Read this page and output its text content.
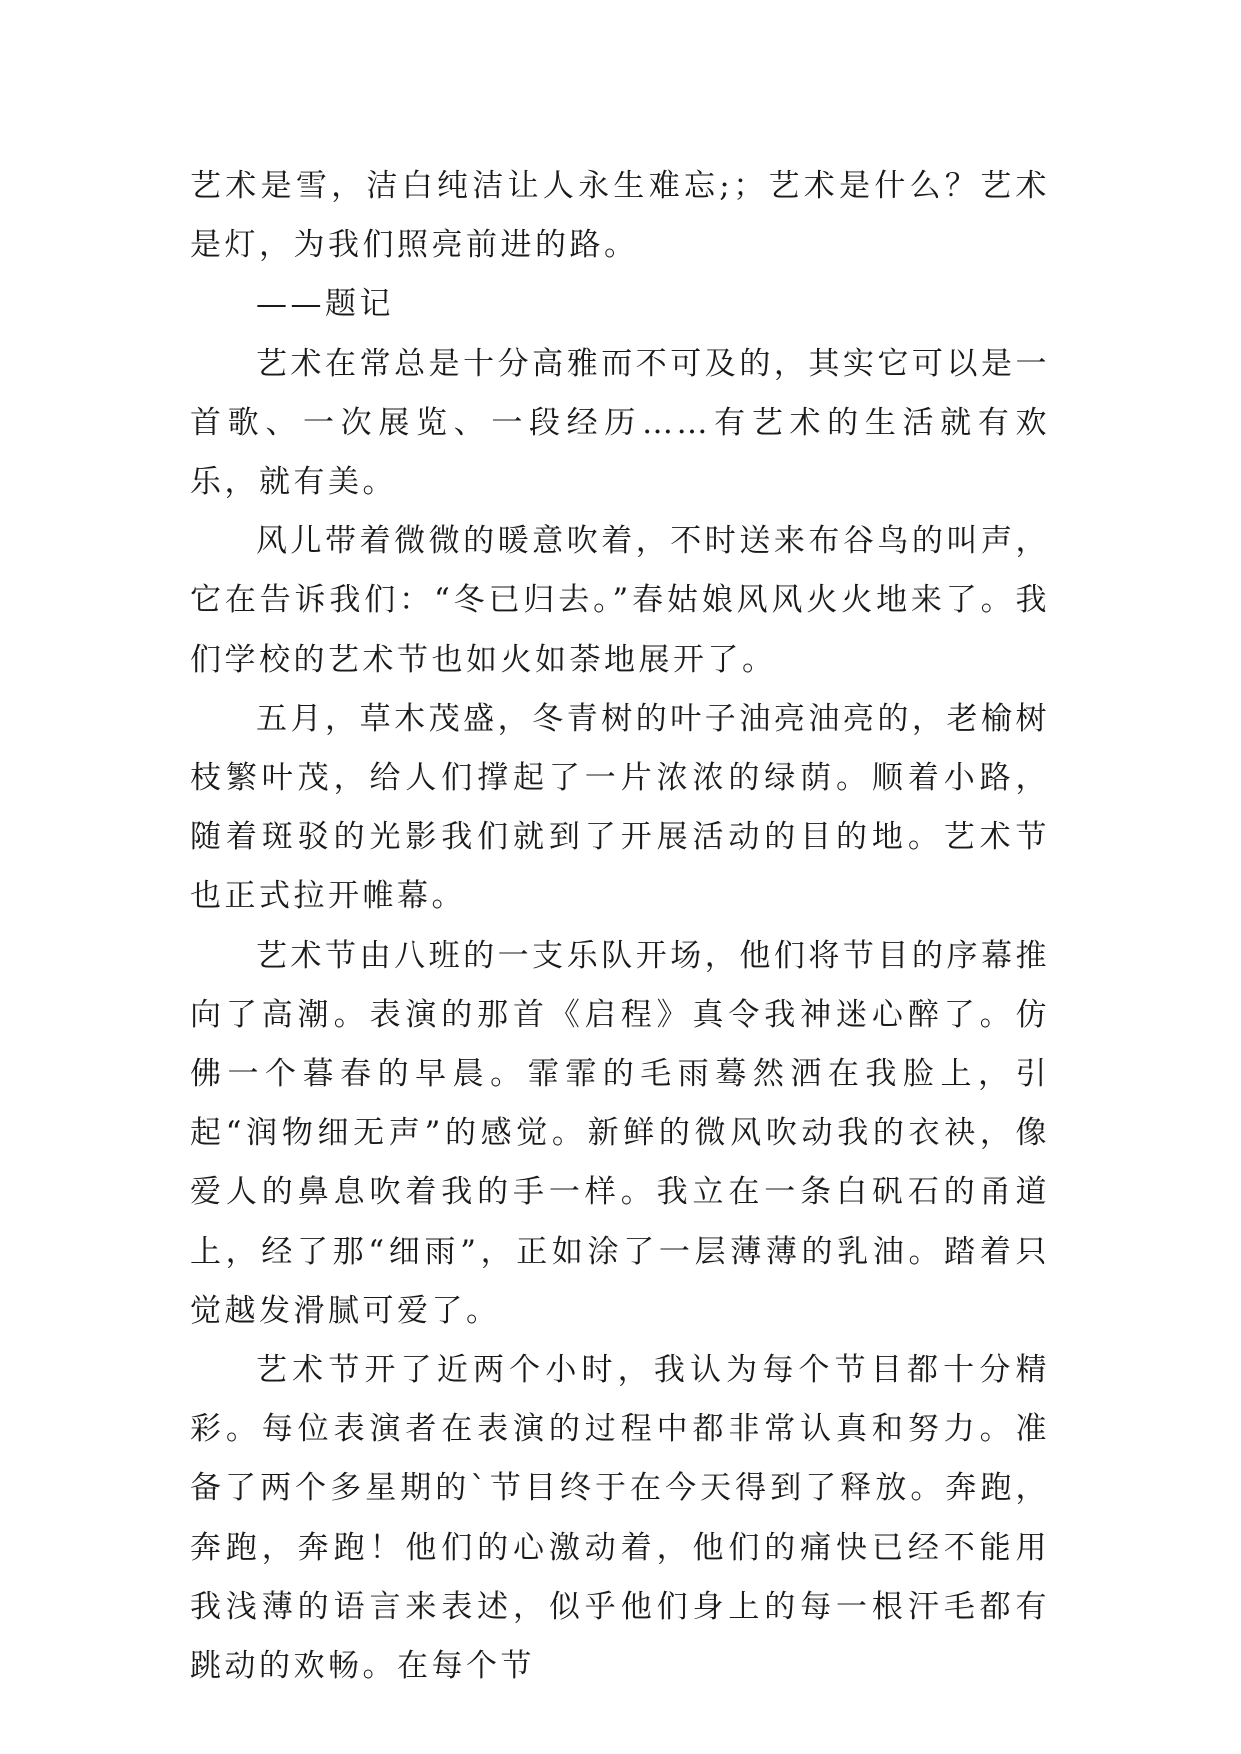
艺术是雪，洁白纯洁让人永生难忘;；艺术是什么？艺术是灯，为我们照亮前进的路。

——题记

艺术在常总是十分高雅而不可及的，其实它可以是一首歌、一次展览、一段经历……有艺术的生活就有欢乐，就有美。

风儿带着微微的暖意吹着，不时送来布谷鸟的叫声，它在告诉我们：“冬已归去。”春姑娘风风火火地来了。我们学校的艺术节也如火如荼地展开了。

五月，草木茂盛，冬青树的叶子油亮油亮的，老榆树枝繁叶茂，给人们撑起了一片浓浓的绿荫。顺着小路，随着斑驳的光影我们就到了开展活动的目的地。艺术节也正式拉开帷幕。

艺术节由八班的一支乐队开场，他们将节目的序幕推向了高潮。表演的那首《启程》真令我神迷心醉了。仿佛一个暮春的早晨。霏霏的毛雨蓦然洒在我脸上，引起“润物细无声”的感觉。新鲜的微风吹动我的衣袂，像爱人的鼻息吹着我的手一样。我立在一条白矾石的甬道上，经了那“细雨”，正如涂了一层薄薄的乳油。踏着只觉越发滑腻可爱了。

艺术节开了近两个小时，我认为每个节目都十分精彩。每位表演者在表演的过程中都非常认真和努力。准备了两个多星期的`节目终于在今天得到了释放。奔跑，奔跑，奔跑！他们的心激动着，他们的痛快已经不能用我浅薄的语言来表述，似乎他们身上的每一根汗毛都有跳动的欢畅。在每个节
